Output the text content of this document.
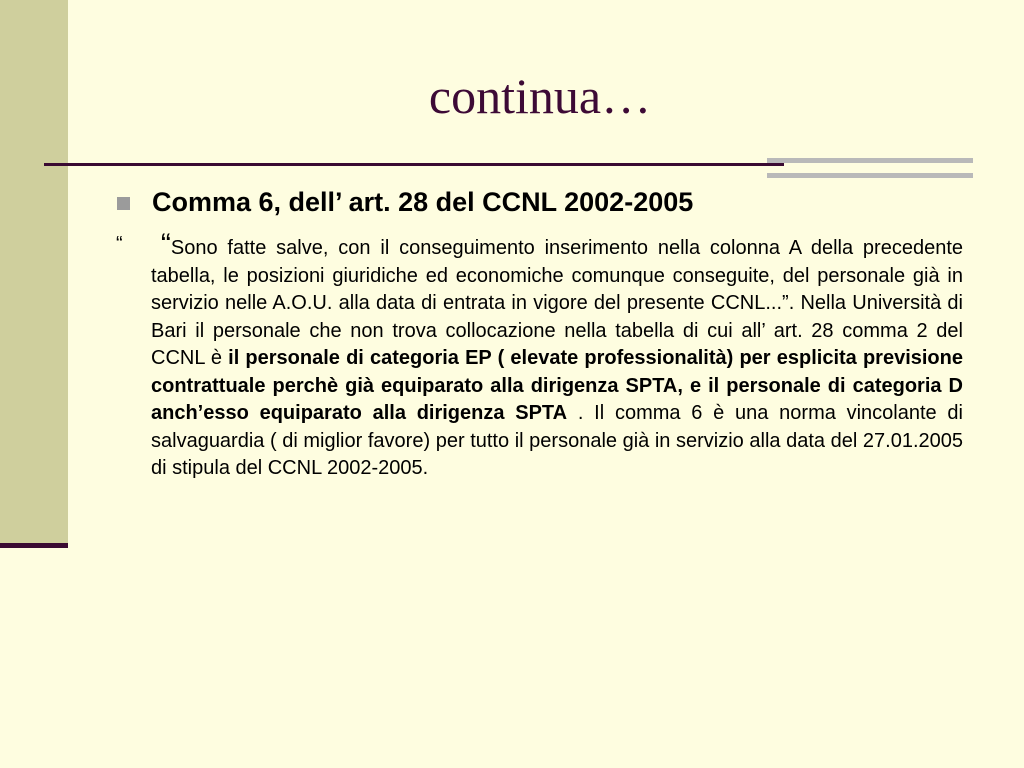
continua…
Comma 6, dell’ art. 28 del CCNL 2002-2005
“	“Sono fatte salve, con il conseguimento inserimento nella colonna A della precedente tabella, le posizioni giuridiche ed economiche comunque conseguite, del personale già in servizio nelle A.O.U. alla data di entrata in vigore del presente CCNL...”. Nella Università di Bari il personale che non trova collocazione nella tabella di cui all’ art. 28 comma 2 del CCNL è il personale di categoria EP ( elevate professionalità) per esplicita previsione contrattuale perchè già equiparato alla dirigenza SPTA, e il personale di categoria D anch’esso equiparato alla dirigenza SPTA . Il comma 6 è una norma vincolante di salvaguardia ( di miglior favore) per tutto il personale già in servizio alla data del 27.01.2005 di stipula del CCNL 2002-2005.
